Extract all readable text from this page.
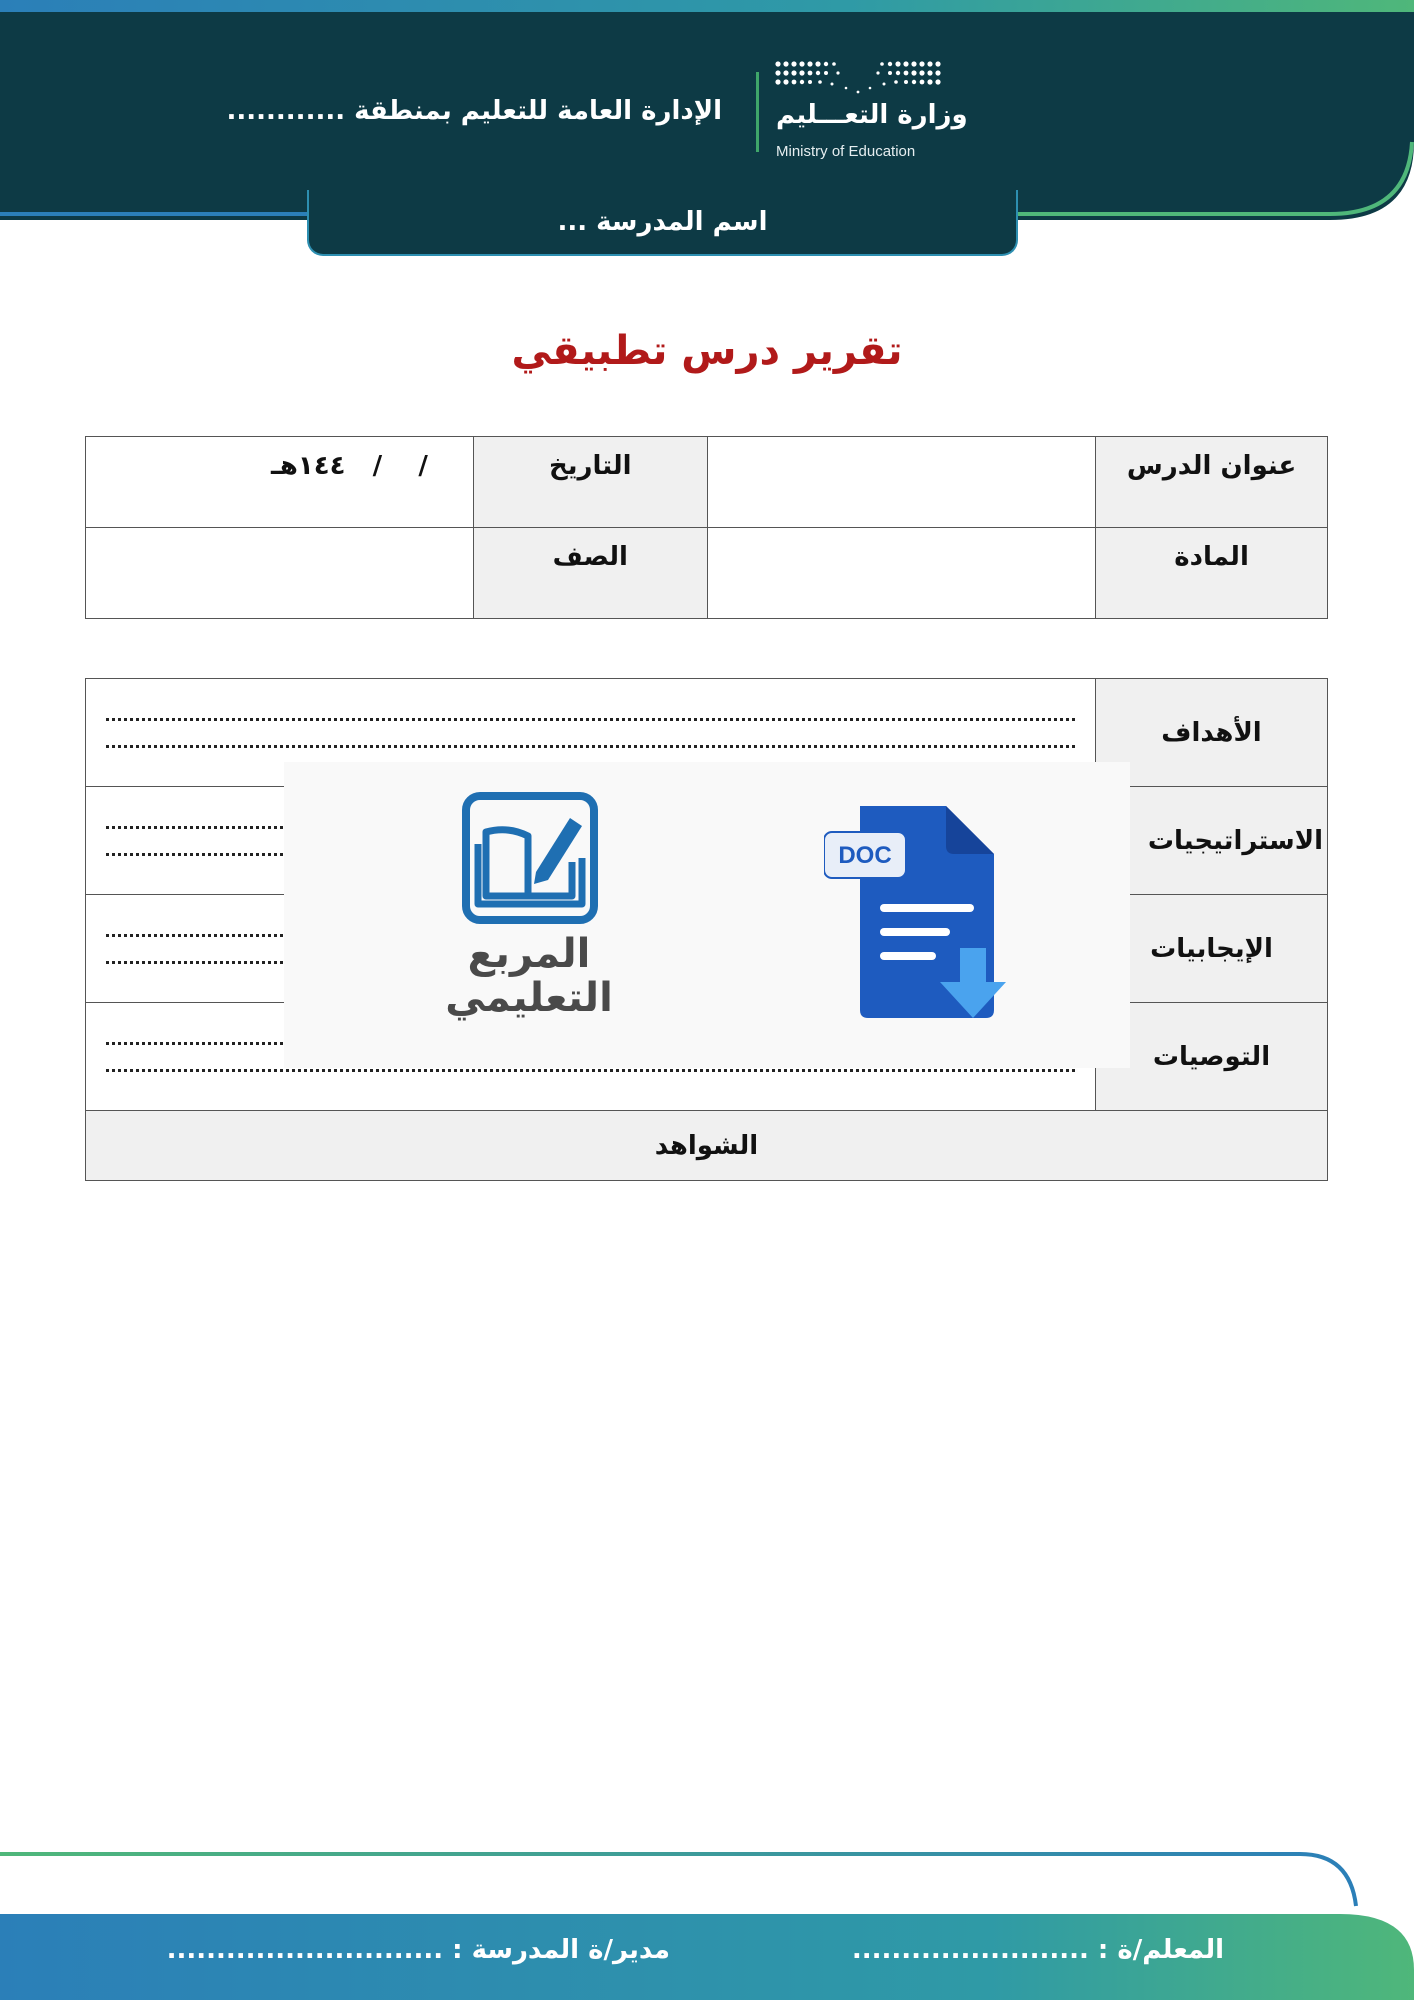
وزارة التعـــليم
Ministry of Education
الإدارة العامة للتعليم بمنطقة ............
اسم المدرسة ...
تقرير درس تطبيقي
/    /   ١٤٤هـ	التاريخ		عنوان الدرس
	الصف		المادة
	الأهداف

	الاستراتيجيات

	الإيجابيات

	التوصيات
الشواهد	
المربع
التعليمي
DOC
المعلم/ة : ........................
مدير/ة المدرسة : ............................
